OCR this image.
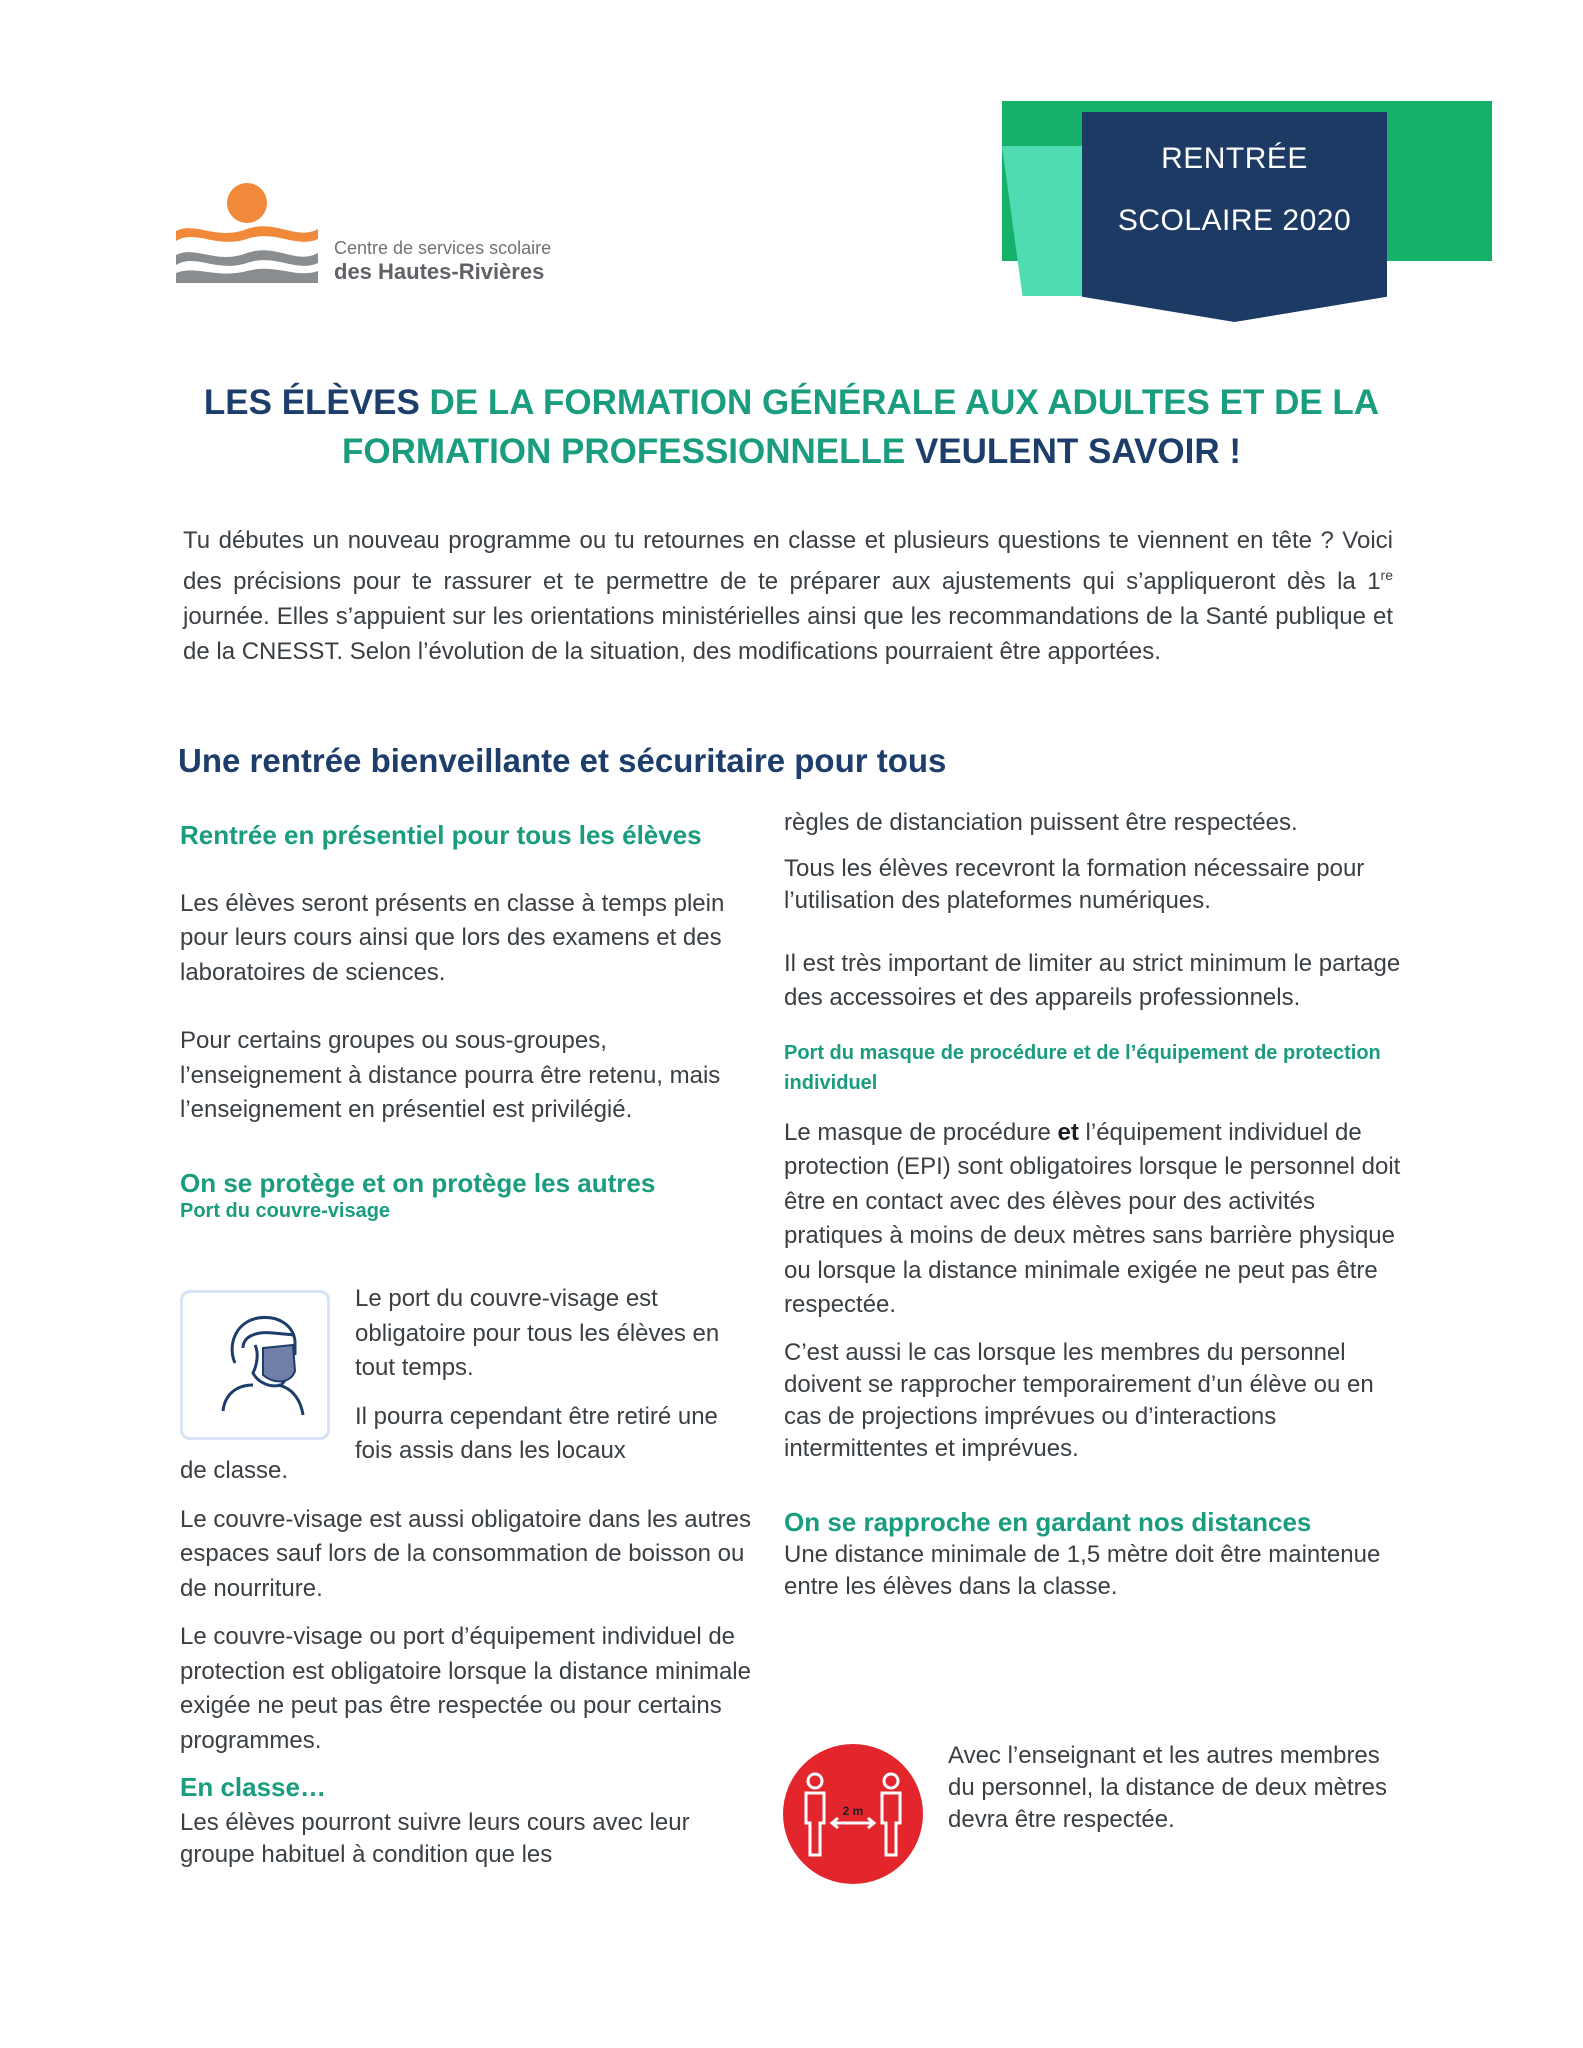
RENTRÉE
SCOLAIRE 2020
Centre de services scolaire
des Hautes-Rivières
LES ÉLÈVES DE LA FORMATION GÉNÉRALE AUX ADULTES ET DE LA
FORMATION PROFESSIONNELLE VEULENT SAVOIR !
Tu débutes un nouveau programme ou tu retournes en classe et plusieurs questions te viennent en tête ? Voici des précisions pour te rassurer et te permettre de te préparer aux ajustements qui s’appliqueront dès la 1re journée. Elles s’appuient sur les orientations ministérielles ainsi que les recommandations de la Santé publique et de la CNESST. Selon l’évolution de la situation, des modifications pourraient être apportées.
Une rentrée bienveillante et sécuritaire pour tous
Rentrée en présentiel pour tous les élèves

Les élèves seront présents en classe à temps plein pour leurs cours ainsi que lors des examens et des laboratoires de sciences.

Pour certains groupes ou sous-groupes, l’enseignement à distance pourra être retenu, mais l’enseignement en présentiel est privilégié.

On se protège et on protège les autres
Port du couvre-visage

Le port du couvre-visage est obligatoire pour tous les élèves en tout temps.

Il pourra cependant être retiré une fois assis dans les locaux

de classe.

Le couvre-visage est aussi obligatoire dans les autres espaces sauf lors de la consommation de boisson ou de nourriture.

Le couvre-visage ou port d’équipement individuel de protection est obligatoire lorsque la distance minimale exigée ne peut pas être respectée ou pour certains programmes.

En classe…

Les élèves pourront suivre leurs cours avec leur groupe habituel à condition que les

règles de distanciation puissent être respectées.

Tous les élèves recevront la formation nécessaire pour l’utilisation des plateformes numériques.

Il est très important de limiter au strict minimum le partage des accessoires et des appareils professionnels.

Port du masque de procédure et de l’équipement de protection individuel

Le masque de procédure et l’équipement individuel de protection (EPI) sont obligatoires lorsque le personnel doit être en contact avec des élèves pour des activités pratiques à moins de deux mètres sans barrière physique ou lorsque la distance minimale exigée ne peut pas être respectée.

C’est aussi le cas lorsque les membres du personnel doivent se rapprocher temporairement d’un élève ou en cas de projections imprévues ou d’interactions intermittentes et imprévues.

On se rapproche en gardant nos distances

Une distance minimale de 1,5 mètre doit être maintenue entre les élèves dans la classe.

2 m

Avec l’enseignant et les autres membres du personnel, la distance de deux mètres devra être respectée.
